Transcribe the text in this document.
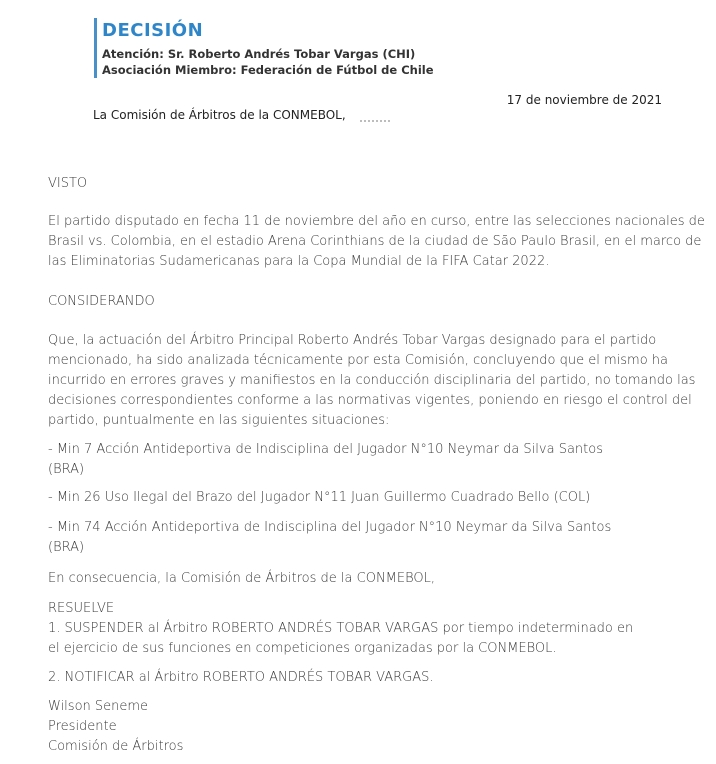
DECISIÓN
Atención: Sr. Roberto Andrés Tobar Vargas (CHI)
Asociación Miembro: Federación de Fútbol de Chile
17 de noviembre de 2021
La Comisión de Árbitros de la CONMEBOL,
VISTO
El partido disputado en fecha 11 de noviembre del año en curso, entre las selecciones nacionales de
Brasil vs. Colombia, en el estadio Arena Corinthians de la ciudad de São Paulo Brasil, en el marco de
las Eliminatorias Sudamericanas para la Copa Mundial de la FIFA Catar 2022.
CONSIDERANDO
Que, la actuación del Árbitro Principal Roberto Andrés Tobar Vargas designado para el partido
mencionado, ha sido analizada técnicamente por esta Comisión, concluyendo que el mismo ha
incurrido en errores graves y manifiestos en la conducción disciplinaria del partido, no tomando las
decisiones correspondientes conforme a las normativas vigentes, poniendo en riesgo el control del
partido, puntualmente en las siguientes situaciones:
- Min 7 Acción Antideportiva de Indisciplina del Jugador N°10 Neymar da Silva Santos
(BRA)
- Min 26 Uso Ilegal del Brazo del Jugador N°11 Juan Guillermo Cuadrado Bello (COL)
- Min 74 Acción Antideportiva de Indisciplina del Jugador N°10 Neymar da Silva Santos
(BRA)
En consecuencia, la Comisión de Árbitros de la CONMEBOL,
RESUELVE
1. SUSPENDER al Árbitro ROBERTO ANDRÉS TOBAR VARGAS por tiempo indeterminado en
el ejercicio de sus funciones en competiciones organizadas por la CONMEBOL.
2. NOTIFICAR al Árbitro ROBERTO ANDRÉS TOBAR VARGAS.
Wilson Seneme
Presidente
Comisión de Árbitros
